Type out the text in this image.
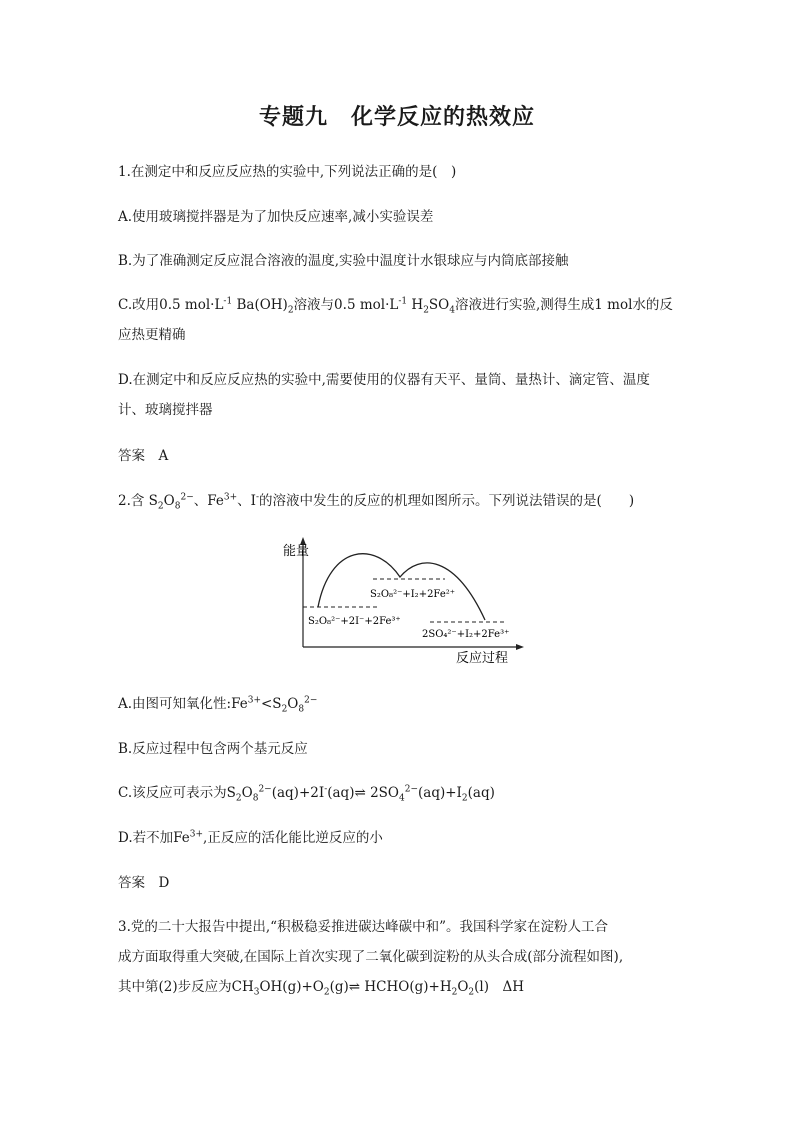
专题九　化学反应的热效应
1.在测定中和反应反应热的实验中,下列说法正确的是(　)
A.使用玻璃搅拌器是为了加快反应速率,减小实验误差
B.为了准确测定反应混合溶液的温度,实验中温度计水银球应与内筒底部接触
C.改用0.5 $mol\cdot L^{-1}$ $Ba(OH)_2$溶液与0.5 $mol\cdot L^{-1}$ $H_2SO_4$溶液进行实验,测得生成1 mol水的反
应热更精确
D.在测定中和反应反应热的实验中,需要使用的仪器有天平、量筒、量热计、滴定管、温度
计、玻璃搅拌器
答案　A
2.含 $S_2O_8^{2-}$、$Fe^{3+}$、I-的溶液中发生的反应的机理如图所示。下列说法错误的是(　　)
能量
反应过程
S₂O₈²⁻+2I⁻+2Fe³⁺
S₂O₈²⁻+I₂+2Fe²⁺
2SO₄²⁻+I₂+2Fe³⁺
A.由图可知氧化性$:Fe^{3+}<S_2O_8^{2-}$
B.反应过程中包含两个基元反应
C.该反应可表示为$S_2O_8^{2-}(aq)+2I^-(aq)\rightleftharpoons$ $2SO_4^{2-}(aq)+I_2(aq)$
D.若不加$Fe^{3+}$,正反应的活化能比逆反应的小
答案　D
3.党的二十大报告中提出,“积极稳妥推进碳达峰碳中和”。我国科学家在淀粉人工合
成方面取得重大突破,在国际上首次实现了二氧化碳到淀粉的从头合成(部分流程如图),
其中第(2)步反应为$CH_3OH(g)+O_2(g)\rightleftharpoons$ $HCHO(g)+H_2O_2(l)$　ΔH
